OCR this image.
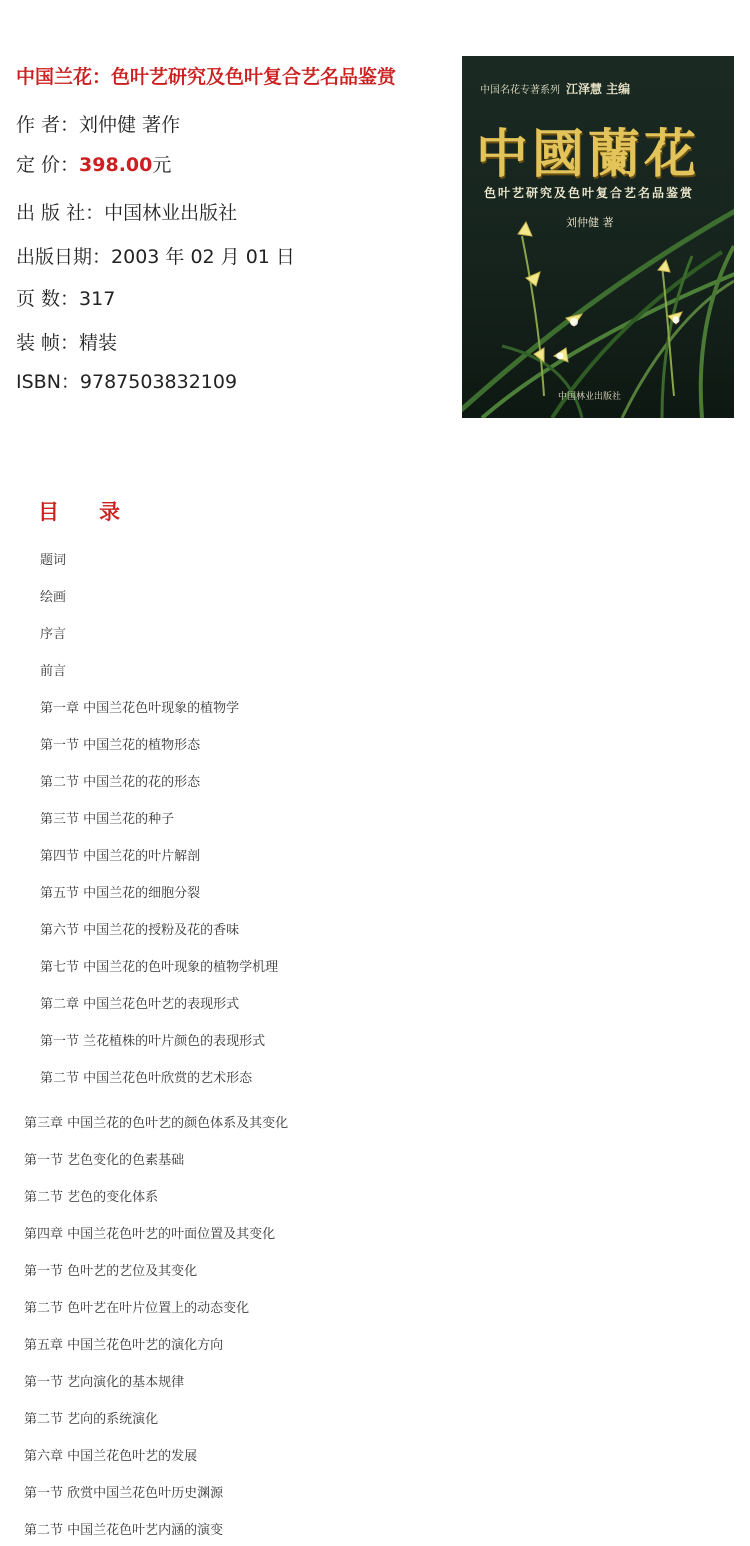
中国兰花：色叶艺研究及色叶复合艺名品鉴赏
作 者：刘仲健 著作
定 价：398.00元
出 版 社：中国林业出版社
出版日期：2003 年 02 月 01 日
页 数：317
装 帧：精装
ISBN：9787503832109
中国名花专著系列 江泽慧 主编
中國蘭花
色叶艺研究及色叶复合艺名品鉴赏
刘仲健 著
中国林业出版社
目录
题词
绘画
序言
前言
第一章 中国兰花色叶现象的植物学
第一节 中国兰花的植物形态
第二节 中国兰花的花的形态
第三节 中国兰花的种子
第四节 中国兰花的叶片解剖
第五节 中国兰花的细胞分裂
第六节 中国兰花的授粉及花的香味
第七节 中国兰花的色叶现象的植物学机理
第二章 中国兰花色叶艺的表现形式
第一节 兰花植株的叶片颜色的表现形式
第二节 中国兰花色叶欣赏的艺术形态
第三章 中国兰花的色叶艺的颜色体系及其变化
第一节 艺色变化的色素基础
第二节 艺色的变化体系
第四章 中国兰花色叶艺的叶面位置及其变化
第一节 色叶艺的艺位及其变化
第二节 色叶艺在叶片位置上的动态变化
第五章 中国兰花色叶艺的演化方向
第一节 艺向演化的基本规律
第二节 艺向的系统演化
第六章 中国兰花色叶艺的发展
第一节 欣赏中国兰花色叶历史渊源
第二节 中国兰花色叶艺内涵的演变
